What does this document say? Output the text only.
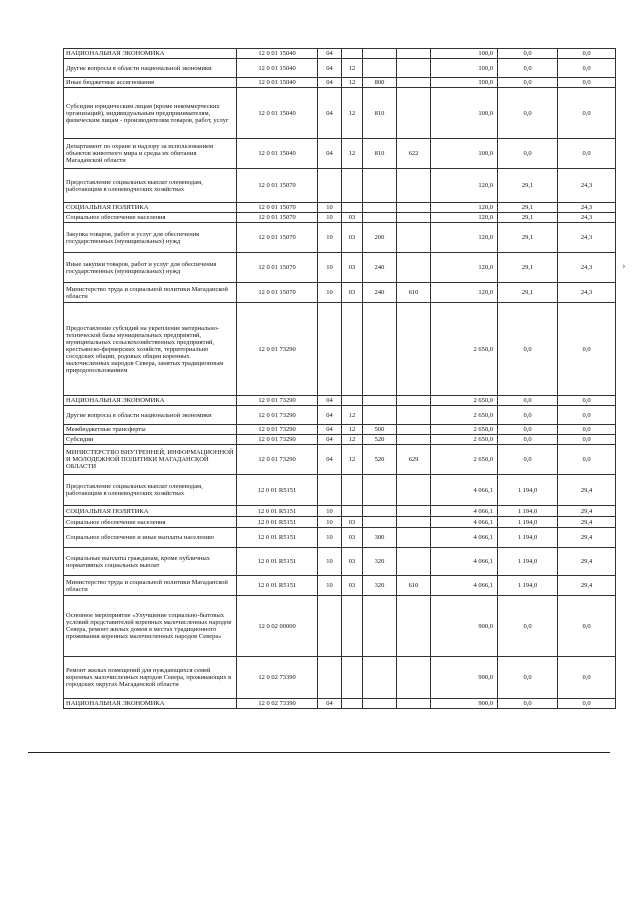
НАЦИОНАЛЬНАЯ ЭКОНОМИКА	12 0 01 15040	04				100,0	0,0	0,0
Другие вопросы в области национальной экономики	12 0 01 15040	04	12			100,0	0,0	0,0
Иные бюджетные ассигнования	12 0 01 15040	04	12	800		100,0	0,0	0,0
Субсидии юридическим лицам (кроме некоммерческих организаций), индивидуальным предпринимателям, физическим лицам - производителям товаров, работ, услуг	12 0 01 15040	04	12	810		100,0	0,0	0,0
Департамент по охране и надзору за использованием объектов животного мира и среды их обитания Магаданской области	12 0 01 15040	04	12	810	622	100,0	0,0	0,0
Предоставление социальных выплат оленеводам, работающим в оленеводческих хозяйствах	12 0 01 15070					120,0	29,1	24,3
СОЦИАЛЬНАЯ ПОЛИТИКА	12 0 01 15070	10				120,0	29,1	24,3
Социальное обеспечение населения	12 0 01 15070	10	03			120,0	29,1	24,3
Закупка товаров, работ и услуг для обеспечения государственных (муниципальных) нужд	12 0 01 15070	10	03	200		120,0	29,1	24,3
Иные закупки товаров, работ и услуг для обеспечения государственных (муниципальных) нужд	12 0 01 15070	10	03	240		120,0	29,1	24,3
Министерство труда и социальной политики Магаданской области	12 0 01 15070	10	03	240	610	120,0	29,1	24,3
Предоставление субсидий на укрепление материально-технической базы муниципальных предприятий, муниципальных сельскохозяйственных предприятий, крестьянско-фермерских хозяйств, территориально соседских общин, родовых общин коренных малочисленных народов Севера, занятых традиционным природопользованием	12 0 01 73290					2 650,0	0,0	0,0
НАЦИОНАЛЬНАЯ ЭКОНОМИКА	12 0 01 73290	04				2 650,0	0,0	0,0
Другие вопросы в области национальной экономики	12 0 01 73290	04	12			2 650,0	0,0	0,0
Межбюджетные трансферты	12 0 01 73290	04	12	500		2 650,0	0,0	0,0
Субсидии	12 0 01 73290	04	12	520		2 650,0	0,0	0,0
МИНИСТЕРСТВО ВНУТРЕННЕЙ, ИНФОРМАЦИОННОЙ И МОЛОДЕЖНОЙ ПОЛИТИКИ МАГАДАНСКОЙ ОБЛАСТИ	12 0 01 73290	04	12	520	629	2 650,0	0,0	0,0
Предоставление социальных выплат оленеводам, работающим в оленеводческих хозяйствах	12 0 01 R5151					4 066,1	1 194,0	29,4
СОЦИАЛЬНАЯ ПОЛИТИКА	12 0 01 R5151	10				4 066,1	1 194,0	29,4
Социальное обеспечение населения	12 0 01 R5151	10	03			4 066,1	1 194,0	29,4
Социальное обеспечение и иные выплаты населению	12 0 01 R5151	10	03	300		4 066,1	1 194,0	29,4
Социальные выплаты гражданам, кроме публичных нормативных социальных выплат	12 0 01 R5151	10	03	320		4 066,1	1 194,0	29,4
Министерство труда и социальной политики Магаданской области	12 0 01 R5151	10	03	320	610	4 066,1	1 194,0	29,4
Основное мероприятие «Улучшение социально-бытовых условий представителей коренных малочисленных народов Севера, ремонт жилых домов в местах традиционного проживания коренных малочисленных народов Севера»	12 0 02 00000					900,0	0,0	0,0
Ремонт жилых помещений для нуждающихся семей коренных малочисленных народов Севера, проживающих в городских округах Магаданской области	12 0 02 73390					900,0	0,0	0,0
НАЦИОНАЛЬНАЯ ЭКОНОМИКА	12 0 02 73390	04				900,0	0,0	0,0
›
